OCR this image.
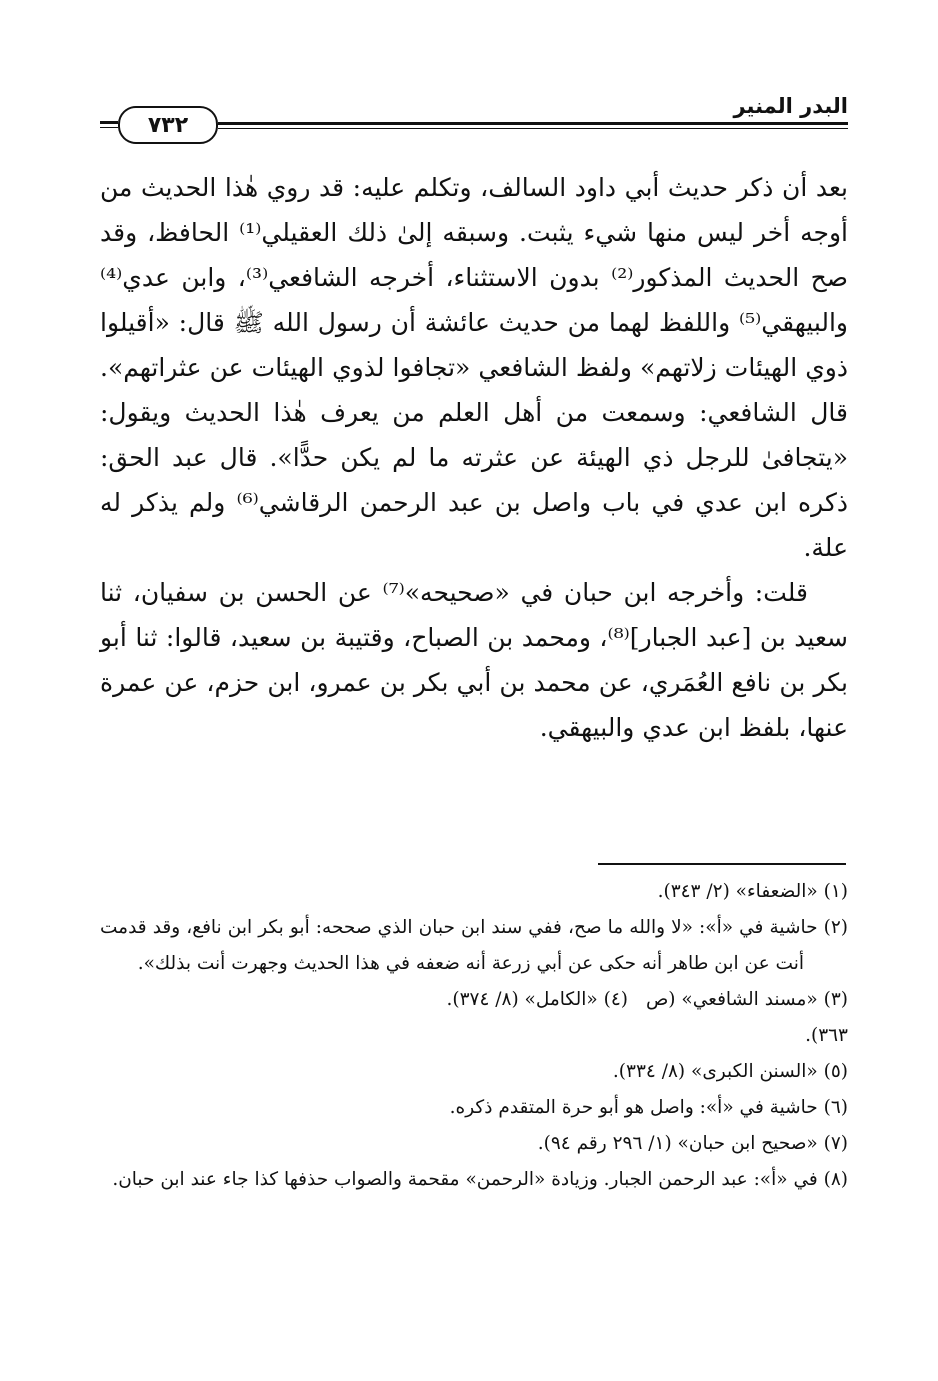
البدر المنير
٧٣٢

بعد أن ذكر حديث أبي داود السالف، وتكلم عليه: قد روي هٰذا الحديث من أوجه أخر ليس منها شيء يثبت. وسبقه إلىٰ ذلك العقيلي⁽¹⁾ الحافظ، وقد صح الحديث المذكور⁽²⁾ بدون الاستثناء، أخرجه الشافعي⁽³⁾، وابن عدي⁽⁴⁾ والبيهقي⁽⁵⁾ واللفظ لهما من حديث عائشة أن رسول الله ﷺ قال: «أقيلوا ذوي الهيئات زلاتهم» ولفظ الشافعي «تجافوا لذوي الهيئات عن عثراتهم». قال الشافعي: وسمعت من أهل العلم من يعرف هٰذا الحديث ويقول: «يتجافىٰ للرجل ذي الهيئة عن عثرته ما لم يكن حدًّا». قال عبد الحق: ذكره ابن عدي في باب واصل بن عبد الرحمن الرقاشي⁽⁶⁾ ولم يذكر له علة.

قلت: وأخرجه ابن حبان في «صحيحه»⁽⁷⁾ عن الحسن بن سفيان، ثنا سعيد بن [عبد الجبار]⁽⁸⁾، ومحمد بن الصباح، وقتيبة بن سعيد، قالوا: ثنا أبو بكر بن نافع العُمَري، عن محمد بن أبي بكر بن عمرو، ابن حزم، عن عمرة عنها، بلفظ ابن عدي والبيهقي.

(١) «الضعفاء» (٢/ ٣٤٣).

(٢) حاشية في «أ»: «لا والله ما صح، ففي سند ابن حبان الذي صححه: أبو بكر ابن نافع، وقد قدمت أنت عن ابن طاهر أنه حكى عن أبي زرعة أنه ضعفه في هذا الحديث وجهرت أنت بذلك».

(٣) «مسند الشافعي» (ص ٣٦٣).
(٤) «الكامل» (٨/ ٣٧٤).

(٥) «السنن الكبرى» (٨/ ٣٣٤).

(٦) حاشية في «أ»: واصل هو أبو حرة المتقدم ذكره.

(٧) «صحيح ابن حبان» (١/ ٢٩٦ رقم ٩٤).

(٨) في «أ»: عبد الرحمن الجبار. وزيادة «الرحمن» مقحمة والصواب حذفها كذا جاء عند ابن حبان.
